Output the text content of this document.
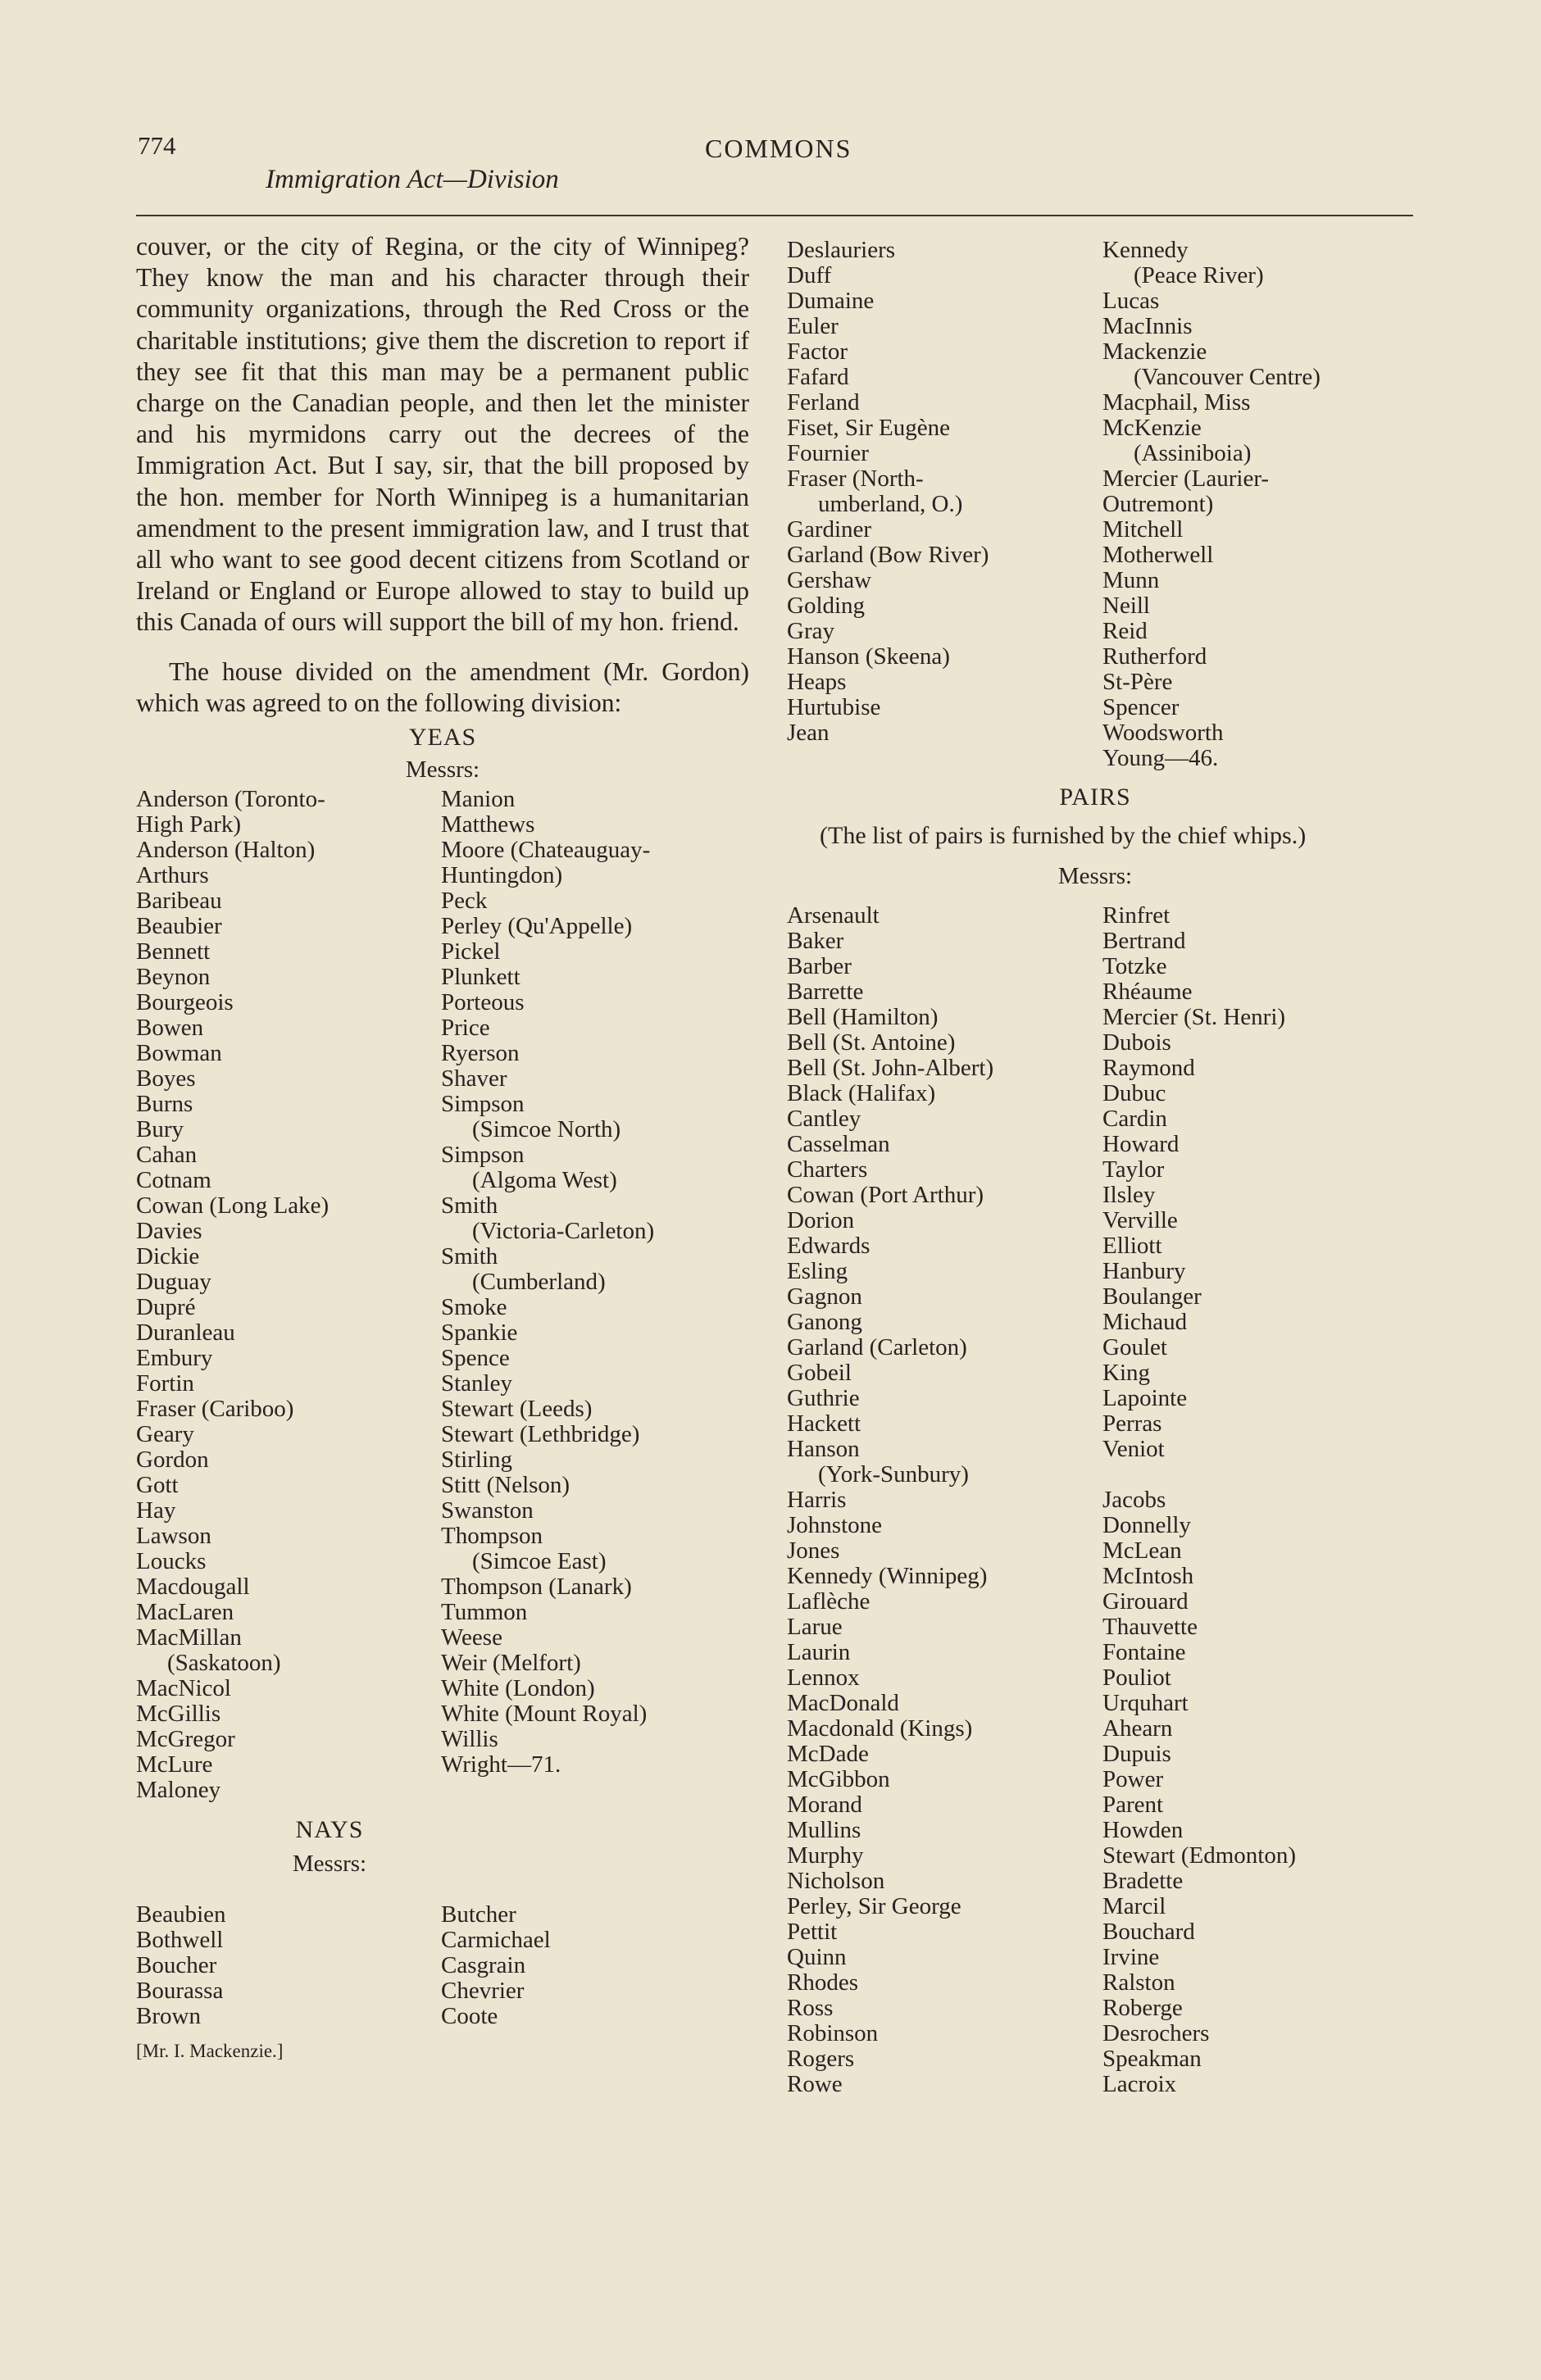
774	COMMONS
Immigration Act—Division

couver, or the city of Regina, or the city of Winnipeg? They know the man and his character through their community organizations, through the Red Cross or the charitable institutions; give them the discretion to report if they see fit that this man may be a permanent public charge on the Canadian people, and then let the minister and his myrmidons carry out the decrees of the Immigration Act. But I say, sir, that the bill proposed by the hon. member for North Winnipeg is a humanitarian amendment to the present immigration law, and I trust that all who want to see good decent citizens from Scotland or Ireland or England or Europe allowed to stay to build up this Canada of ours will support the bill of my hon. friend.

The house divided on the amendment (Mr. Gordon) which was agreed to on the following division:

YEAS
Messrs:
Anderson (Toronto-
High Park)
Anderson (Halton)
Arthurs
Baribeau
Beaubier
Bennett
Beynon
Bourgeois
Bowen
Bowman
Boyes
Burns
Bury
Cahan
Cotnam
Cowan (Long Lake)
Davies
Dickie
Duguay
Dupré
Duranleau
Embury
Fortin
Fraser (Cariboo)
Geary
Gordon
Gott
Hay
Lawson
Loucks
Macdougall
MacLaren
MacMillan
(Saskatoon)
MacNicol
McGillis
McGregor
McLure
Maloney
Manion
Matthews
Moore (Chateauguay-
Huntingdon)
Peck
Perley (Qu'Appelle)
Pickel
Plunkett
Porteous
Price
Ryerson
Shaver
Simpson
(Simcoe North)
Simpson
(Algoma West)
Smith
(Victoria-Carleton)
Smith
(Cumberland)
Smoke
Spankie
Spence
Stanley
Stewart (Leeds)
Stewart (Lethbridge)
Stirling
Stitt (Nelson)
Swanston
Thompson
(Simcoe East)
Thompson (Lanark)
Tummon
Weese
Weir (Melfort)
White (London)
White (Mount Royal)
Willis
Wright—71.
NAYS
Messrs:
Beaubien
Bothwell
Boucher
Bourassa
Brown
Butcher
Carmichael
Casgrain
Chevrier
Coote
[Mr. I. Mackenzie.]
Deslauriers
Duff
Dumaine
Euler
Factor
Fafard
Ferland
Fiset, Sir Eugène
Fournier
Fraser (North-
umberland, O.)
Gardiner
Garland (Bow River)
Gershaw
Golding
Gray
Hanson (Skeena)
Heaps
Hurtubise
Jean
Kennedy
(Peace River)
Lucas
MacInnis
Mackenzie
(Vancouver Centre)
Macphail, Miss
McKenzie
(Assiniboia)
Mercier (Laurier-
Outremont)
Mitchell
Motherwell
Munn
Neill
Reid
Rutherford
St-Père
Spencer
Woodsworth
Young—46.
PAIRS

(The list of pairs is furnished by the chief whips.)

Messrs:
Arsenault
Baker
Barber
Barrette
Bell (Hamilton)
Bell (St. Antoine)
Bell (St. John-Albert)
Black (Halifax)
Cantley
Casselman
Charters
Cowan (Port Arthur)
Dorion
Edwards
Esling
Gagnon
Ganong
Garland (Carleton)
Gobeil
Guthrie
Hackett
Hanson
(York-Sunbury)
Harris
Johnstone
Jones
Kennedy (Winnipeg)
Laflèche
Larue
Laurin
Lennox
MacDonald
Macdonald (Kings)
McDade
McGibbon
Morand
Mullins
Murphy
Nicholson
Perley, Sir George
Pettit
Quinn
Rhodes
Ross
Robinson
Rogers
Rowe
Rinfret
Bertrand
Totzke
Rhéaume
Mercier (St. Henri)
Dubois
Raymond
Dubuc
Cardin
Howard
Taylor
Ilsley
Verville
Elliott
Hanbury
Boulanger
Michaud
Goulet
King
Lapointe
Perras
Veniot
Jacobs
Donnelly
McLean
McIntosh
Girouard
Thauvette
Fontaine
Pouliot
Urquhart
Ahearn
Dupuis
Power
Parent
Howden
Stewart (Edmonton)
Bradette
Marcil
Bouchard
Irvine
Ralston
Roberge
Desrochers
Speakman
Lacroix
